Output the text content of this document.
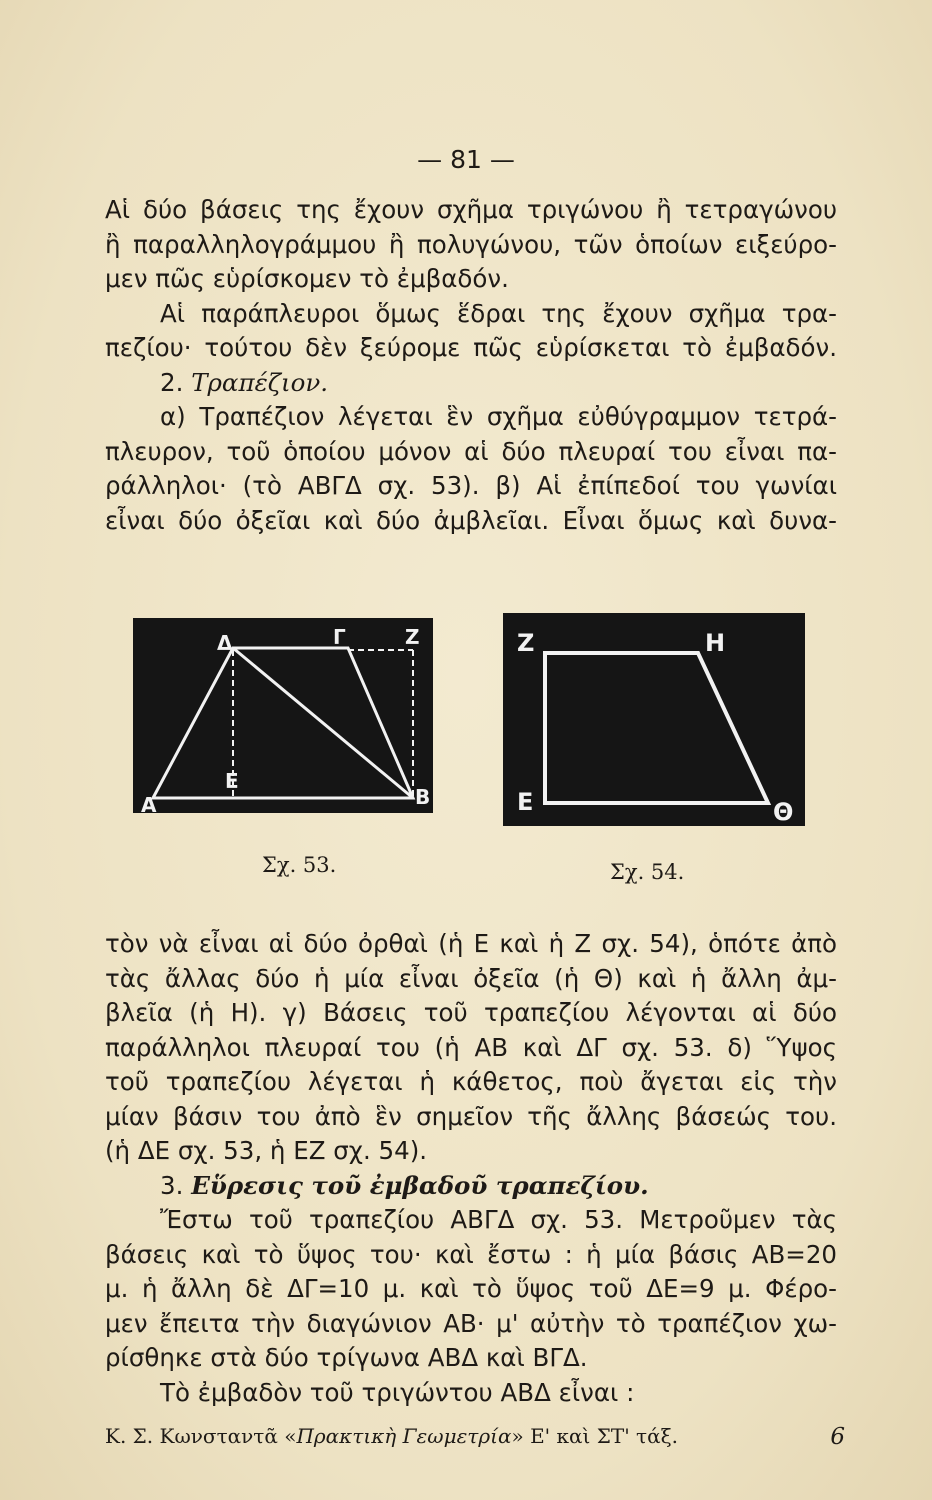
— 81 —
Αἱ δύο βάσεις της ἔχουν σχῆμα τριγώνου ἢ τετραγώνου
ἢ παραλληλογράμμου ἢ πολυγώνου, τῶν ὁποίων ειξεύρο-
μεν πῶς εὑρίσκομεν τὸ ἐμβαδόν.
Αἱ παράπλευροι ὅμως ἕδραι της ἔχουν σχῆμα τρα-
πεζίου· τούτου δὲν ξεύρομε πῶς εὑρίσκεται τὸ ἐμβαδόν.
2. Τραπέζιον.
α) Τραπέζιον λέγεται ἓν σχῆμα εὐθύγραμμον τετρά-
πλευρον, τοῦ ὁποίου μόνον αἱ δύο πλευραί του εἶναι πα-
ράλληλοι· (τὸ ΑΒΓΔ σχ. 53). β) Αἱ ἐπίπεδοί του γωνίαι
εἶναι δύο ὀξεῖαι καὶ δύο ἀμβλεῖαι. Εἶναι ὅμως καὶ δυνα-
Δ	Γ	Ζ
Ε
Α	Β
Σχ. 53.
Ζ	Η
Ε	Θ
Σχ. 54.
τὸν νὰ εἶναι αἱ δύο ὀρθαὶ (ἡ Ε καὶ ἡ Ζ σχ. 54), ὁπότε ἀπὸ
τὰς ἄλλας δύο ἡ μία εἶναι ὀξεῖα (ἡ Θ) καὶ ἡ ἄλλη ἀμ-
βλεῖα (ἡ Η). γ) Βάσεις τοῦ τραπεζίου λέγονται αἱ δύο
παράλληλοι πλευραί του (ἡ ΑΒ καὶ ΔΓ σχ. 53. δ) Ὕψος
τοῦ τραπεζίου λέγεται ἡ κάθετος, ποὺ ἄγεται εἰς τὴν
μίαν βάσιν του ἀπὸ ἓν σημεῖον τῆς ἄλλης βάσεώς του.
(ἡ ΔΕ σχ. 53, ἡ ΕΖ σχ. 54).
3. Εὕρεσις τοῦ ἐμβαδοῦ τραπεζίου.
Ἔστω τοῦ τραπεζίου ΑΒΓΔ σχ. 53. Μετροῦμεν τὰς
βάσεις καὶ τὸ ὕψος του· καὶ ἔστω : ἡ μία βάσις ΑΒ=20
μ. ἡ ἄλλη δὲ ΔΓ=10 μ. καὶ τὸ ὕψος τοῦ ΔΕ=9 μ. Φέρο-
μεν ἔπειτα τὴν διαγώνιον ΑΒ· μ' αὐτὴν τὸ τραπέζιον χω-
ρίσθηκε στὰ δύο τρίγωνα ΑΒΔ καὶ ΒΓΔ.
Τὸ ἐμβαδὸν τοῦ τριγώντου ΑΒΔ εἶναι :
Κ. Σ. Κωνσταντᾶ «Πρακτικὴ Γεωμετρία» Ε' καὶ ΣΤ' τάξ.	6
